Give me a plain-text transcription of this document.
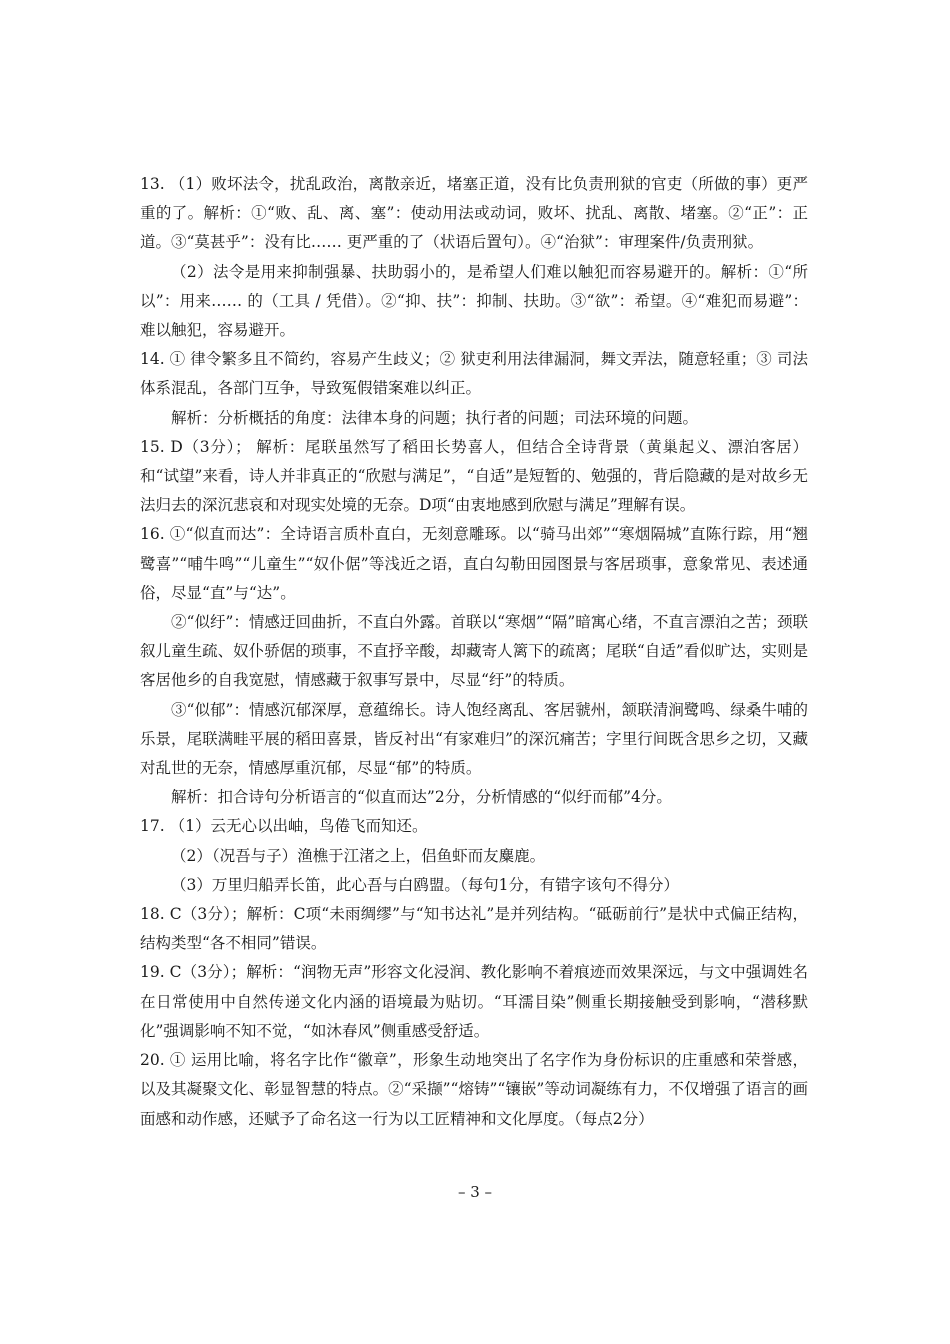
13. （1）败坏法令，扰乱政治，离散亲近，堵塞正道，没有比负责刑狱的官吏（所做的事）更严重的了。解析：①“败、乱、离、塞”：使动用法或动词，败坏、扰乱、离散、堵塞。②“正”：正道。③“莫甚乎”：没有比…… 更严重的了（状语后置句）。④“治狱”：审理案件/负责刑狱。

（2）法令是用来抑制强暴、扶助弱小的，是希望人们难以触犯而容易避开的。解析：①“所以”：用来…… 的（工具 / 凭借）。②“抑、扶”：抑制、扶助。③“欲”：希望。④“难犯而易避”：难以触犯，容易避开。

14. ① 律令繁多且不简约，容易产生歧义；② 狱吏利用法律漏洞，舞文弄法，随意轻重；③ 司法体系混乱，各部门互争，导致冤假错案难以纠正。

解析：分析概括的角度：法律本身的问题；执行者的问题；司法环境的问题。

15. D（3分）； 解析：尾联虽然写了稻田长势喜人，但结合全诗背景（黄巢起义、漂泊客居）和“试望”来看，诗人并非真正的“欣慰与满足”，“自适”是短暂的、勉强的，背后隐藏的是对故乡无法归去的深沉悲哀和对现实处境的无奈。D项“由衷地感到欣慰与满足”理解有误。

16. ①“似直而达”：全诗语言质朴直白，无刻意雕琢。以“骑马出郊”“寒烟隔城”直陈行踪，用“翘鹭喜”“哺牛鸣”“儿童生”“奴仆倨”等浅近之语，直白勾勒田园图景与客居琐事，意象常见、表述通俗，尽显“直”与“达”。

②“似纡”：情感迂回曲折，不直白外露。首联以“寒烟”“隔”暗寓心绪，不直言漂泊之苦；颈联叙儿童生疏、奴仆骄倨的琐事，不直抒辛酸，却藏寄人篱下的疏离；尾联“自适”看似旷达，实则是客居他乡的自我宽慰，情感藏于叙事写景中，尽显“纡”的特质。

③“似郁”：情感沉郁深厚，意蕴绵长。诗人饱经离乱、客居虢州，颔联清涧鹭鸣、绿桑牛哺的乐景，尾联满畦平展的稻田喜景，皆反衬出“有家难归”的深沉痛苦；字里行间既含思乡之切，又藏对乱世的无奈，情感厚重沉郁，尽显“郁”的特质。

解析：扣合诗句分析语言的“似直而达”2分，分析情感的“似纡而郁”4分。

17. （1）云无心以出岫，鸟倦飞而知还。

（2）（况吾与子）渔樵于江渚之上，侣鱼虾而友麋鹿。

（3）万里归船弄长笛，此心吾与白鸥盟。（每句1分，有错字该句不得分）

18. C（3分）；解析：C项“未雨绸缪”与“知书达礼”是并列结构。“砥砺前行”是状中式偏正结构，结构类型“各不相同”错误。

19. C（3分）；解析：“润物无声”形容文化浸润、教化影响不着痕迹而效果深远，与文中强调姓名在日常使用中自然传递文化内涵的语境最为贴切。“耳濡目染”侧重长期接触受到影响，“潜移默化”强调影响不知不觉，“如沐春风”侧重感受舒适。

20. ① 运用比喻，将名字比作“徽章”，形象生动地突出了名字作为身份标识的庄重感和荣誉感，以及其凝聚文化、彰显智慧的特点。②“采撷”“熔铸”“镶嵌”等动词凝练有力，不仅增强了语言的画面感和动作感，还赋予了命名这一行为以工匠精神和文化厚度。（每点2分）

– 3 –
